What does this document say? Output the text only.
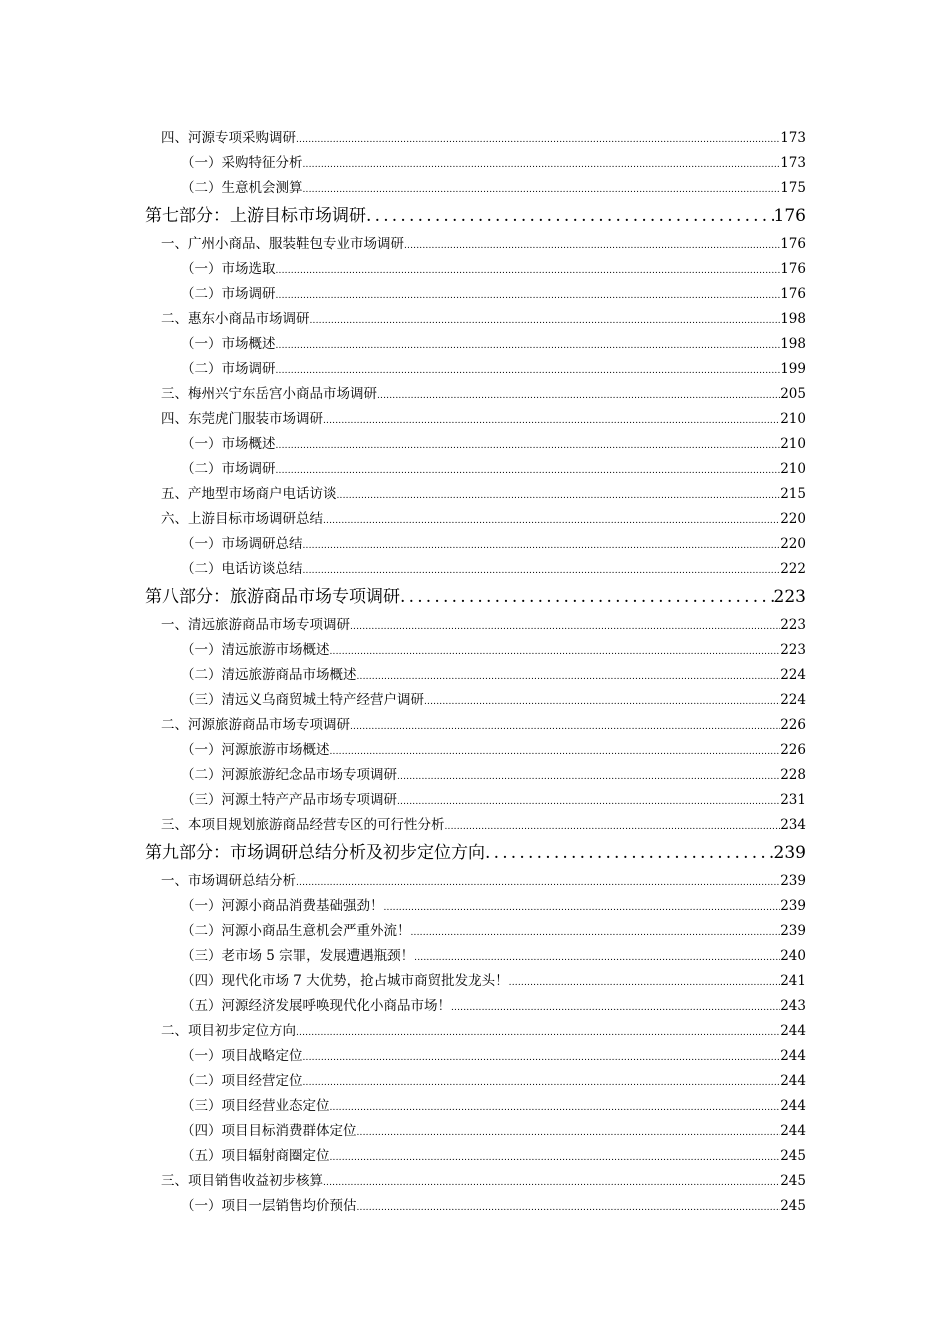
四、河源专项采购调研 .....	173
（一）采购特征分析 .....	173
（二）生意机会测算 .....	175
第七部分：上游目标市场调研 .....	176
一、广州小商品、服装鞋包专业市场调研 .....	176
（一）市场选取 .....	176
（二）市场调研 .....	176
二、惠东小商品市场调研 .....	198
（一）市场概述 .....	198
（二）市场调研 .....	199
三、梅州兴宁东岳宫小商品市场调研 .....	205
四、东莞虎门服装市场调研 .....	210
（一）市场概述 .....	210
（二）市场调研 .....	210
五、产地型市场商户电话访谈 .....	215
六、上游目标市场调研总结 .....	220
（一）市场调研总结 .....	220
（二）电话访谈总结 .....	222
第八部分：旅游商品市场专项调研 .....	223
一、清远旅游商品市场专项调研 .....	223
（一）清远旅游市场概述 .....	223
（二）清远旅游商品市场概述 .....	224
（三）清远义乌商贸城土特产经营户调研 .....	224
二、河源旅游商品市场专项调研 .....	226
（一）河源旅游市场概述 .....	226
（二）河源旅游纪念品市场专项调研 .....	228
（三）河源土特产产品市场专项调研 .....	231
三、本项目规划旅游商品经营专区的可行性分析 .....	234
第九部分：市场调研总结分析及初步定位方向 .....	239
一、市场调研总结分析 .....	239
（一）河源小商品消费基础强劲！ .....	239
（二）河源小商品生意机会严重外流！ .....	239
（三）老市场 5 宗罪，发展遭遇瓶颈！ .....	240
（四）现代化市场 7 大优势，抢占城市商贸批发龙头！ .....	241
（五）河源经济发展呼唤现代化小商品市场！ .....	243
二、项目初步定位方向 .....	244
（一）项目战略定位 .....	244
（二）项目经营定位 .....	244
（三）项目经营业态定位 .....	244
（四）项目目标消费群体定位 .....	244
（五）项目辐射商圈定位 .....	245
三、项目销售收益初步核算 .....	245
（一）项目一层销售均价预估 .....	245
